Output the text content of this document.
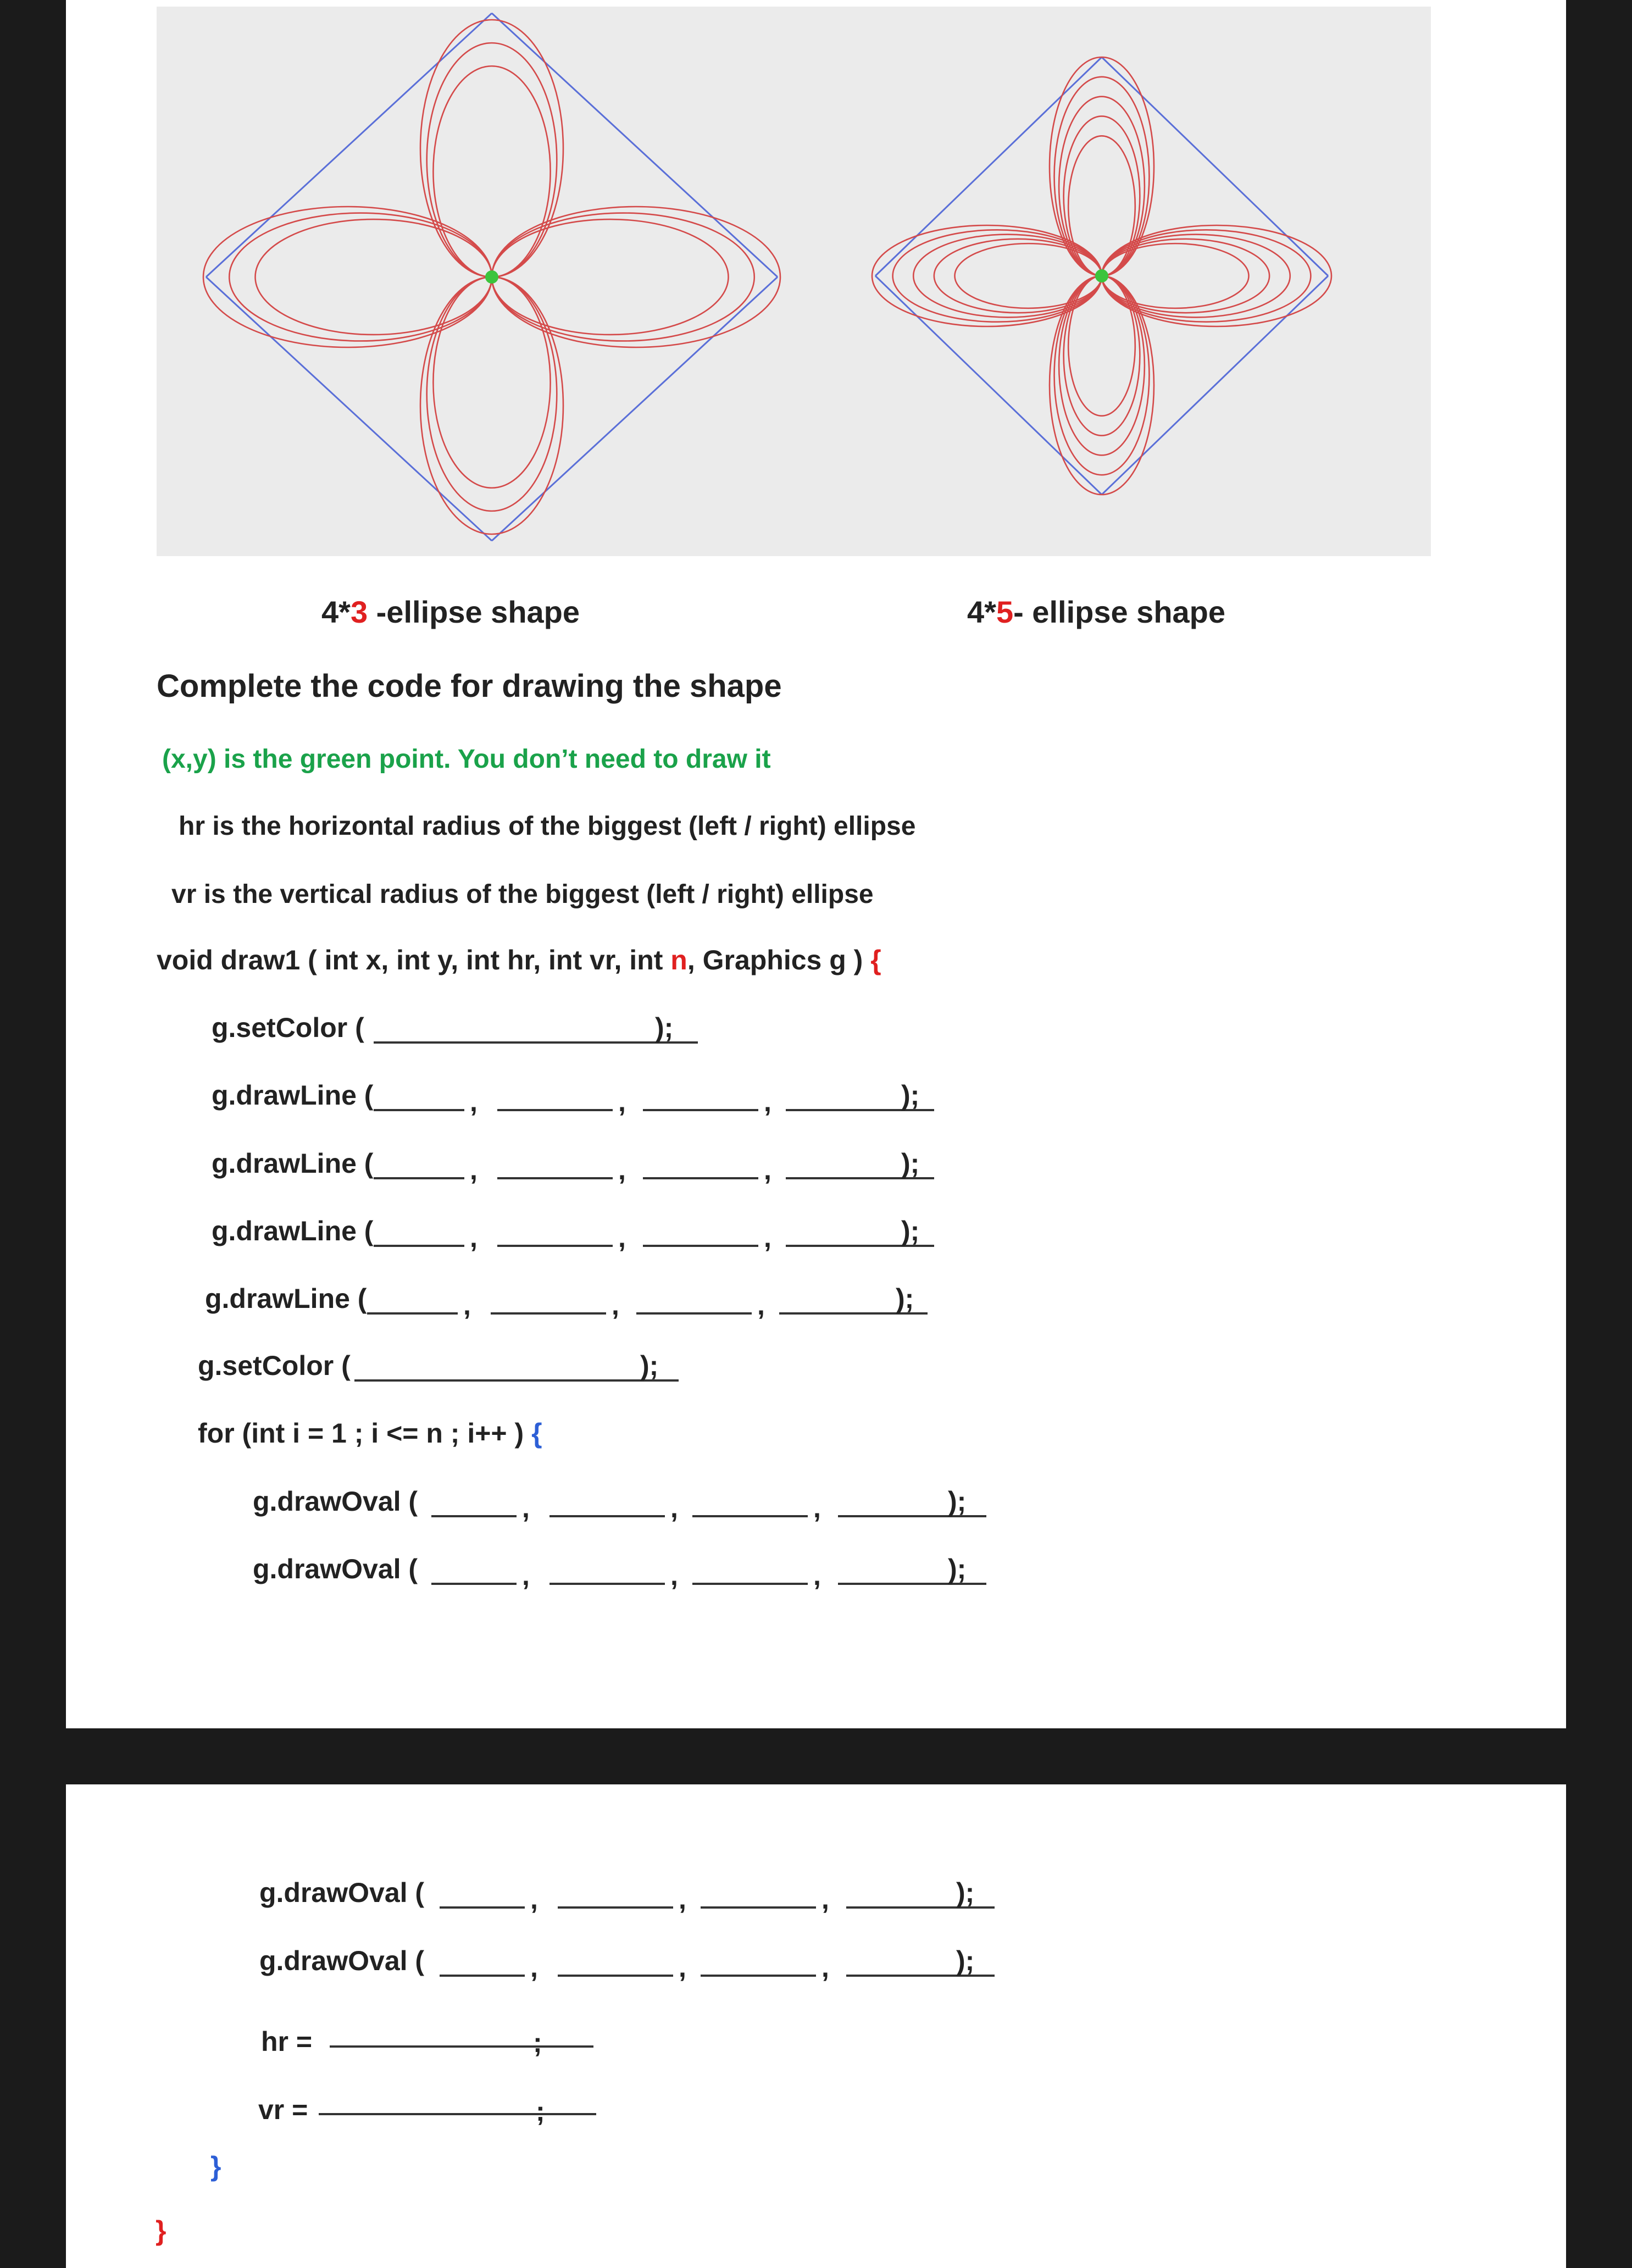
4*3 -ellipse shape	4*5- ellipse shape
Complete the code for drawing the shape
(x,y) is the green point. You don’t need to draw it
hr is the horizontal radius of the biggest (left / right) ellipse
vr is the vertical radius of the biggest (left / right) ellipse
void draw1 ( int x, int y, int hr, int vr, int n, Graphics g ) {
g.setColor (	);
g.drawLine (	,	,	,	);
g.drawLine (	,	,	,	);
g.drawLine (	,	,	,	);
g.drawLine (	,	,	,	);
g.setColor (	);
for (int i = 1 ; i <= n ; i++ ) {
g.drawOval (	,	,	,	);
g.drawOval (	,	,	,	);
g.drawOval (	,	,	,	);
g.drawOval (	,	,	,	);
hr =	;
vr =	;
}
}
